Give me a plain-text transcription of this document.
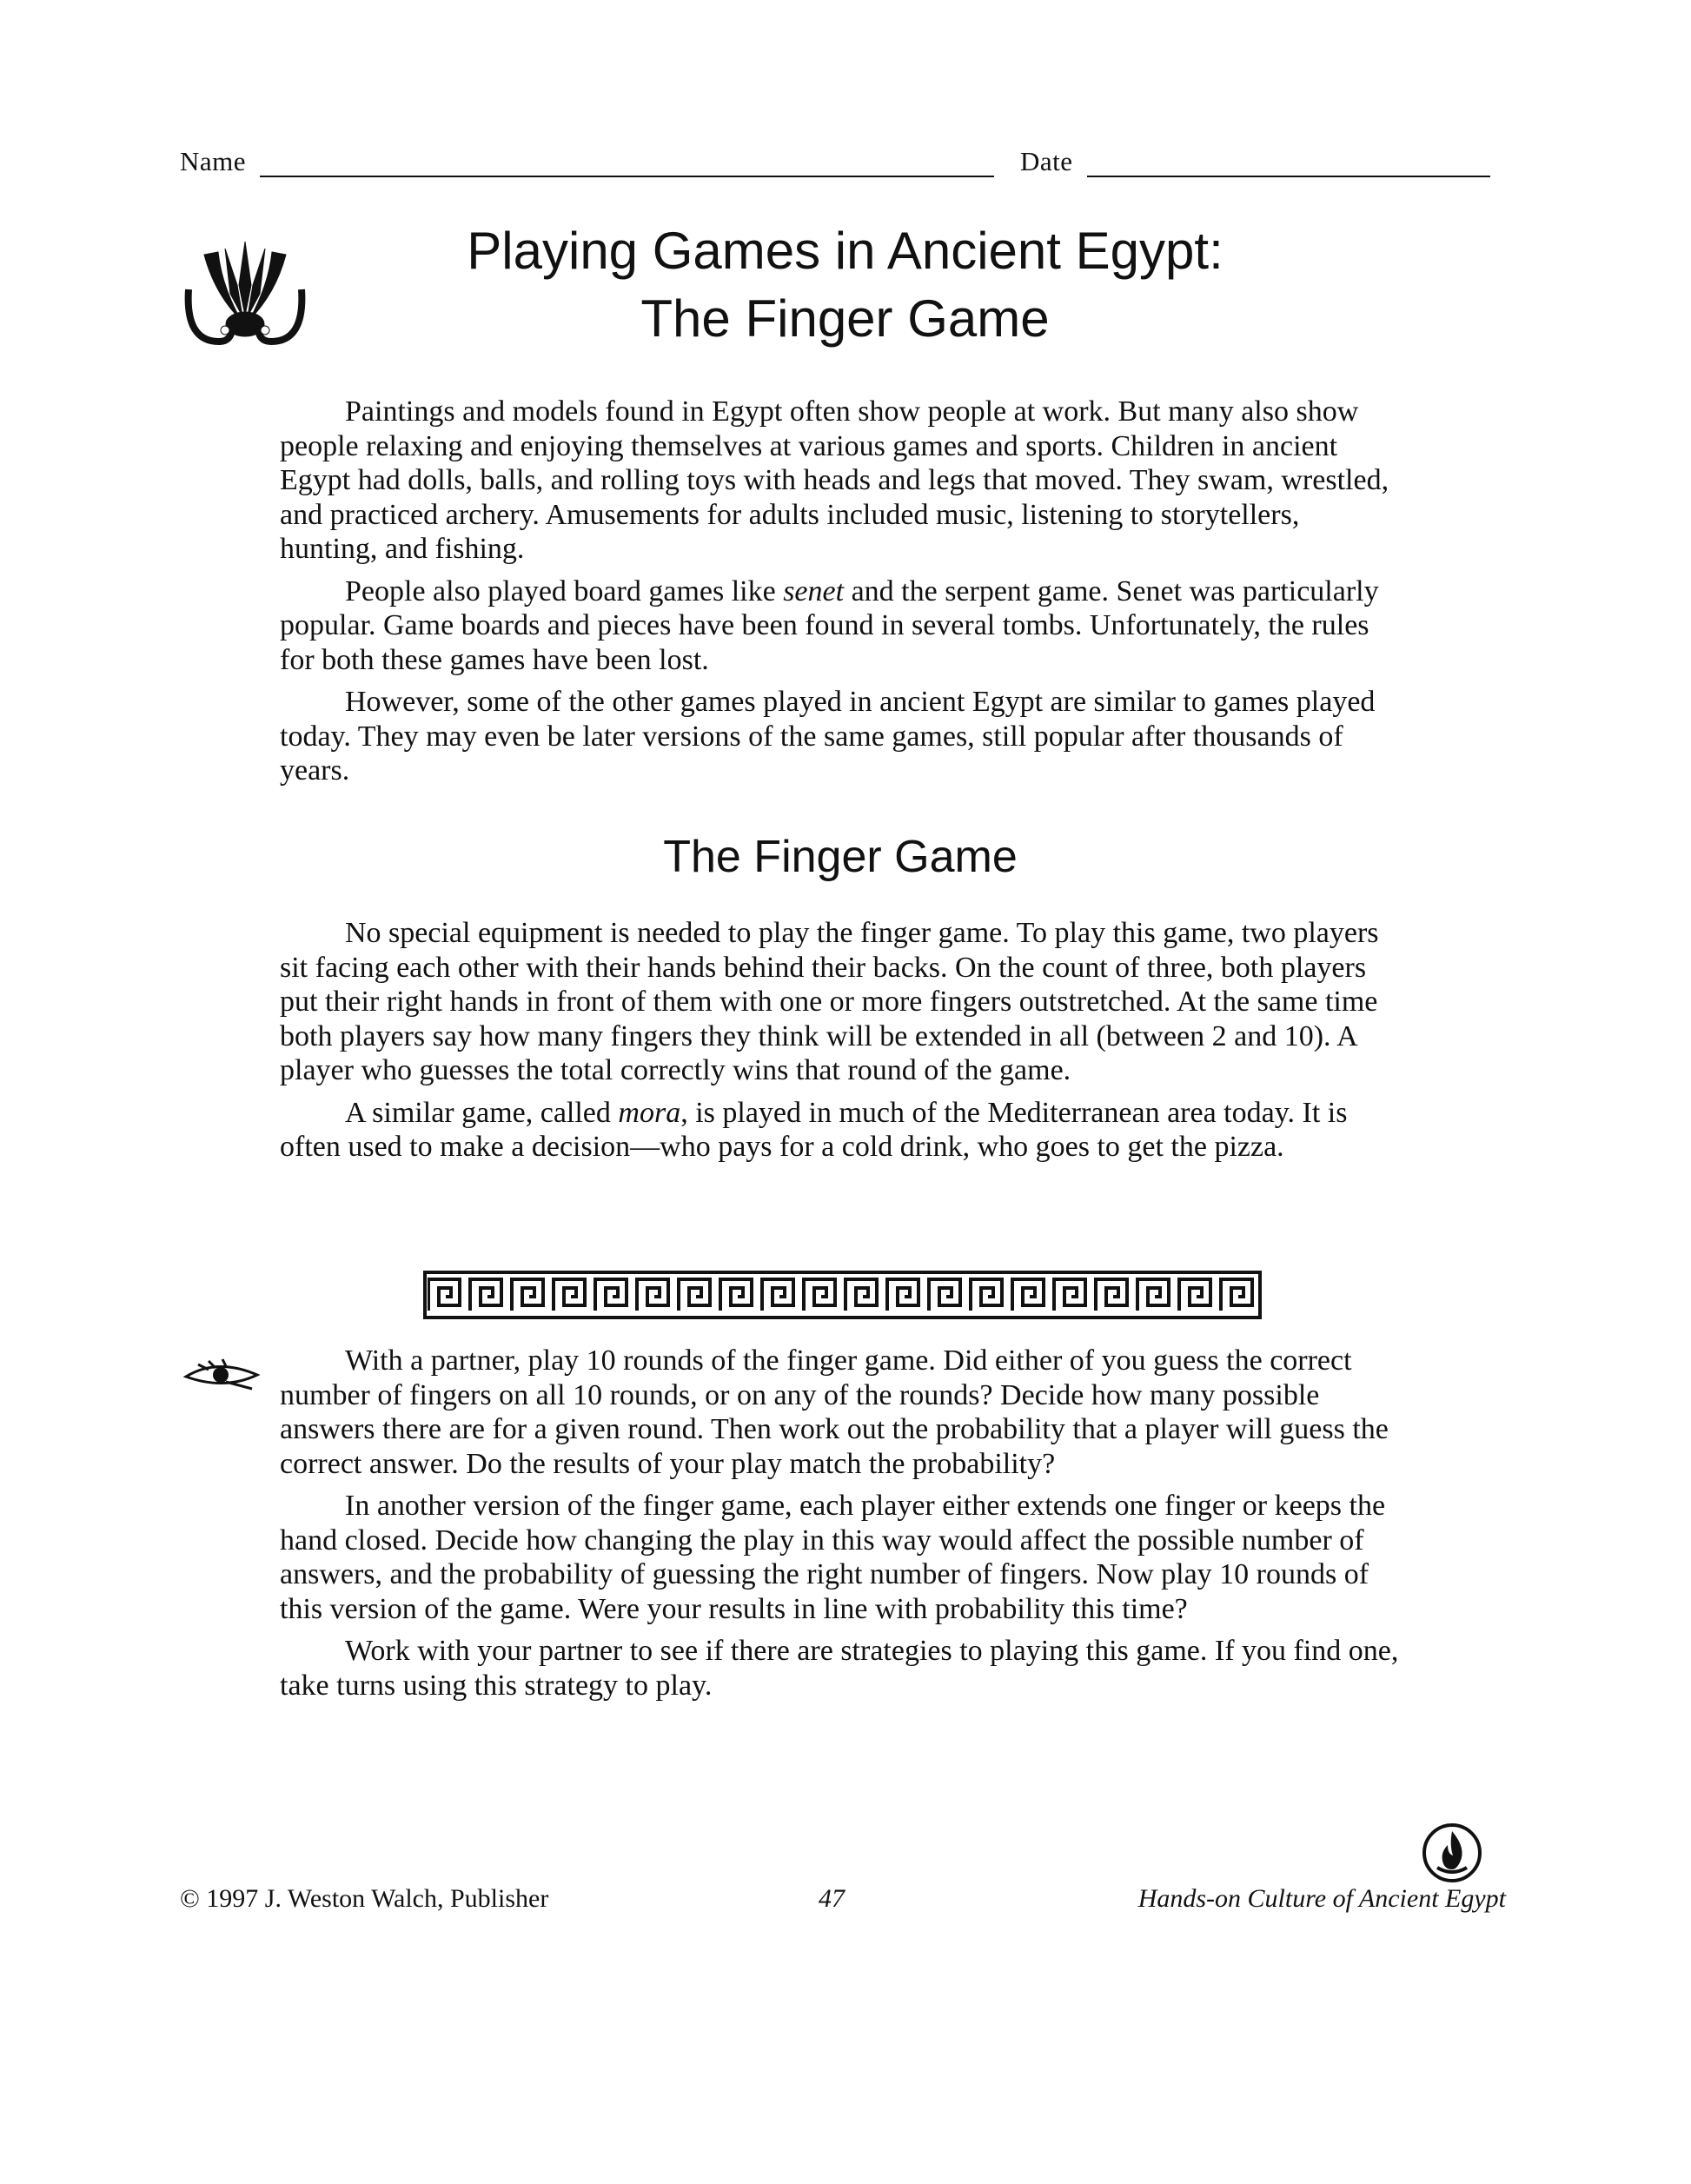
Name	Date
Playing Games in Ancient Egypt:
The Finger Game

Paintings and models found in Egypt often show people at work. But many also show people relaxing and enjoying themselves at various games and sports. Children in ancient Egypt had dolls, balls, and rolling toys with heads and legs that moved. They swam, wrestled, and practiced archery. Amusements for adults included music, listening to storytellers, hunting, and fishing.

People also played board games like senet and the serpent game. Senet was particularly popular. Game boards and pieces have been found in several tombs. Unfortunately, the rules for both these games have been lost.

However, some of the other games played in ancient Egypt are similar to games played today. They may even be later versions of the same games, still popular after thousands of years.

The Finger Game

No special equipment is needed to play the finger game. To play this game, two players sit facing each other with their hands behind their backs. On the count of three, both players put their right hands in front of them with one or more fingers outstretched. At the same time both players say how many fingers they think will be extended in all (between 2 and 10). A player who guesses the total correctly wins that round of the game.

A similar game, called mora, is played in much of the Mediterranean area today. It is often used to make a decision—who pays for a cold drink, who goes to get the pizza.

With a partner, play 10 rounds of the finger game. Did either of you guess the correct number of fingers on all 10 rounds, or on any of the rounds? Decide how many possible answers there are for a given round. Then work out the probability that a player will guess the correct answer. Do the results of your play match the probability?

In another version of the finger game, each player either extends one finger or keeps the hand closed. Decide how changing the play in this way would affect the possible number of answers, and the probability of guessing the right number of fingers. Now play 10 rounds of this version of the game. Were your results in line with probability this time?

Work with your partner to see if there are strategies to playing this game. If you find one, take turns using this strategy to play.

© 1997 J. Weston Walch, Publisher	47	Hands-on Culture of Ancient Egypt
